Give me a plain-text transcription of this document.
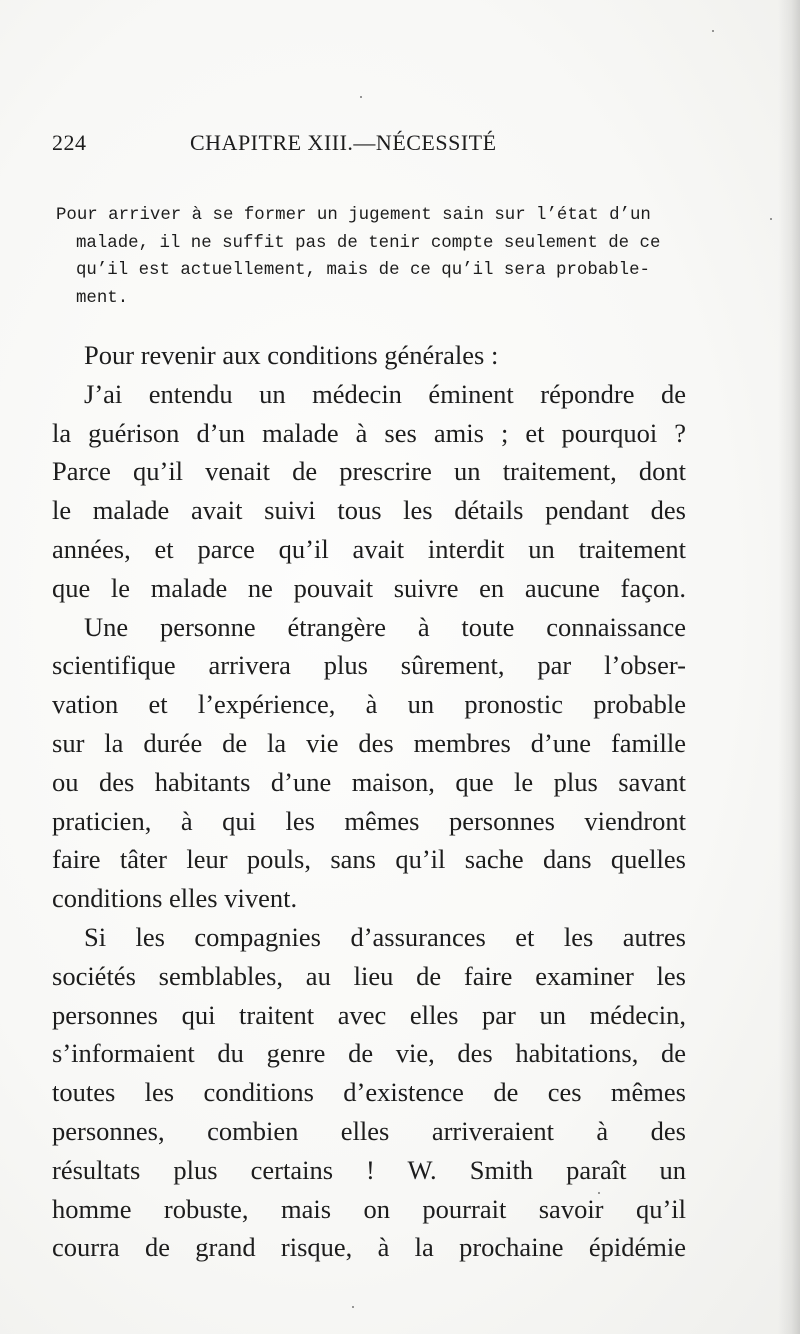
224	CHAPITRE XIII.—NÉCESSITÉ
Pour arriver à se former un jugement sain sur l’état d’un
malade, il ne suffit pas de tenir compte seulement de ce
qu’il est actuellement, mais de ce qu’il sera probable-
ment.
Pour revenir aux conditions générales :
J’ai entendu un médecin éminent répondre de
la guérison d’un malade à ses amis ; et pourquoi ?
Parce qu’il venait de prescrire un traitement, dont
le malade avait suivi tous les détails pendant des
années, et parce qu’il avait interdit un traitement
que le malade ne pouvait suivre en aucune façon.
Une personne étrangère à toute connaissance
scientifique arrivera plus sûrement, par l’obser-
vation et l’expérience, à un pronostic probable
sur la durée de la vie des membres d’une famille
ou des habitants d’une maison, que le plus savant
praticien, à qui les mêmes personnes viendront
faire tâter leur pouls, sans qu’il sache dans quelles
conditions elles vivent.
Si les compagnies d’assurances et les autres
sociétés semblables, au lieu de faire examiner les
personnes qui traitent avec elles par un médecin,
s’informaient du genre de vie, des habitations, de
toutes les conditions d’existence de ces mêmes
personnes, combien elles arriveraient à des
résultats plus certains ! W. Smith paraît un
homme robuste, mais on pourrait savoir qu’il
courra de grand risque, à la prochaine épidémie
